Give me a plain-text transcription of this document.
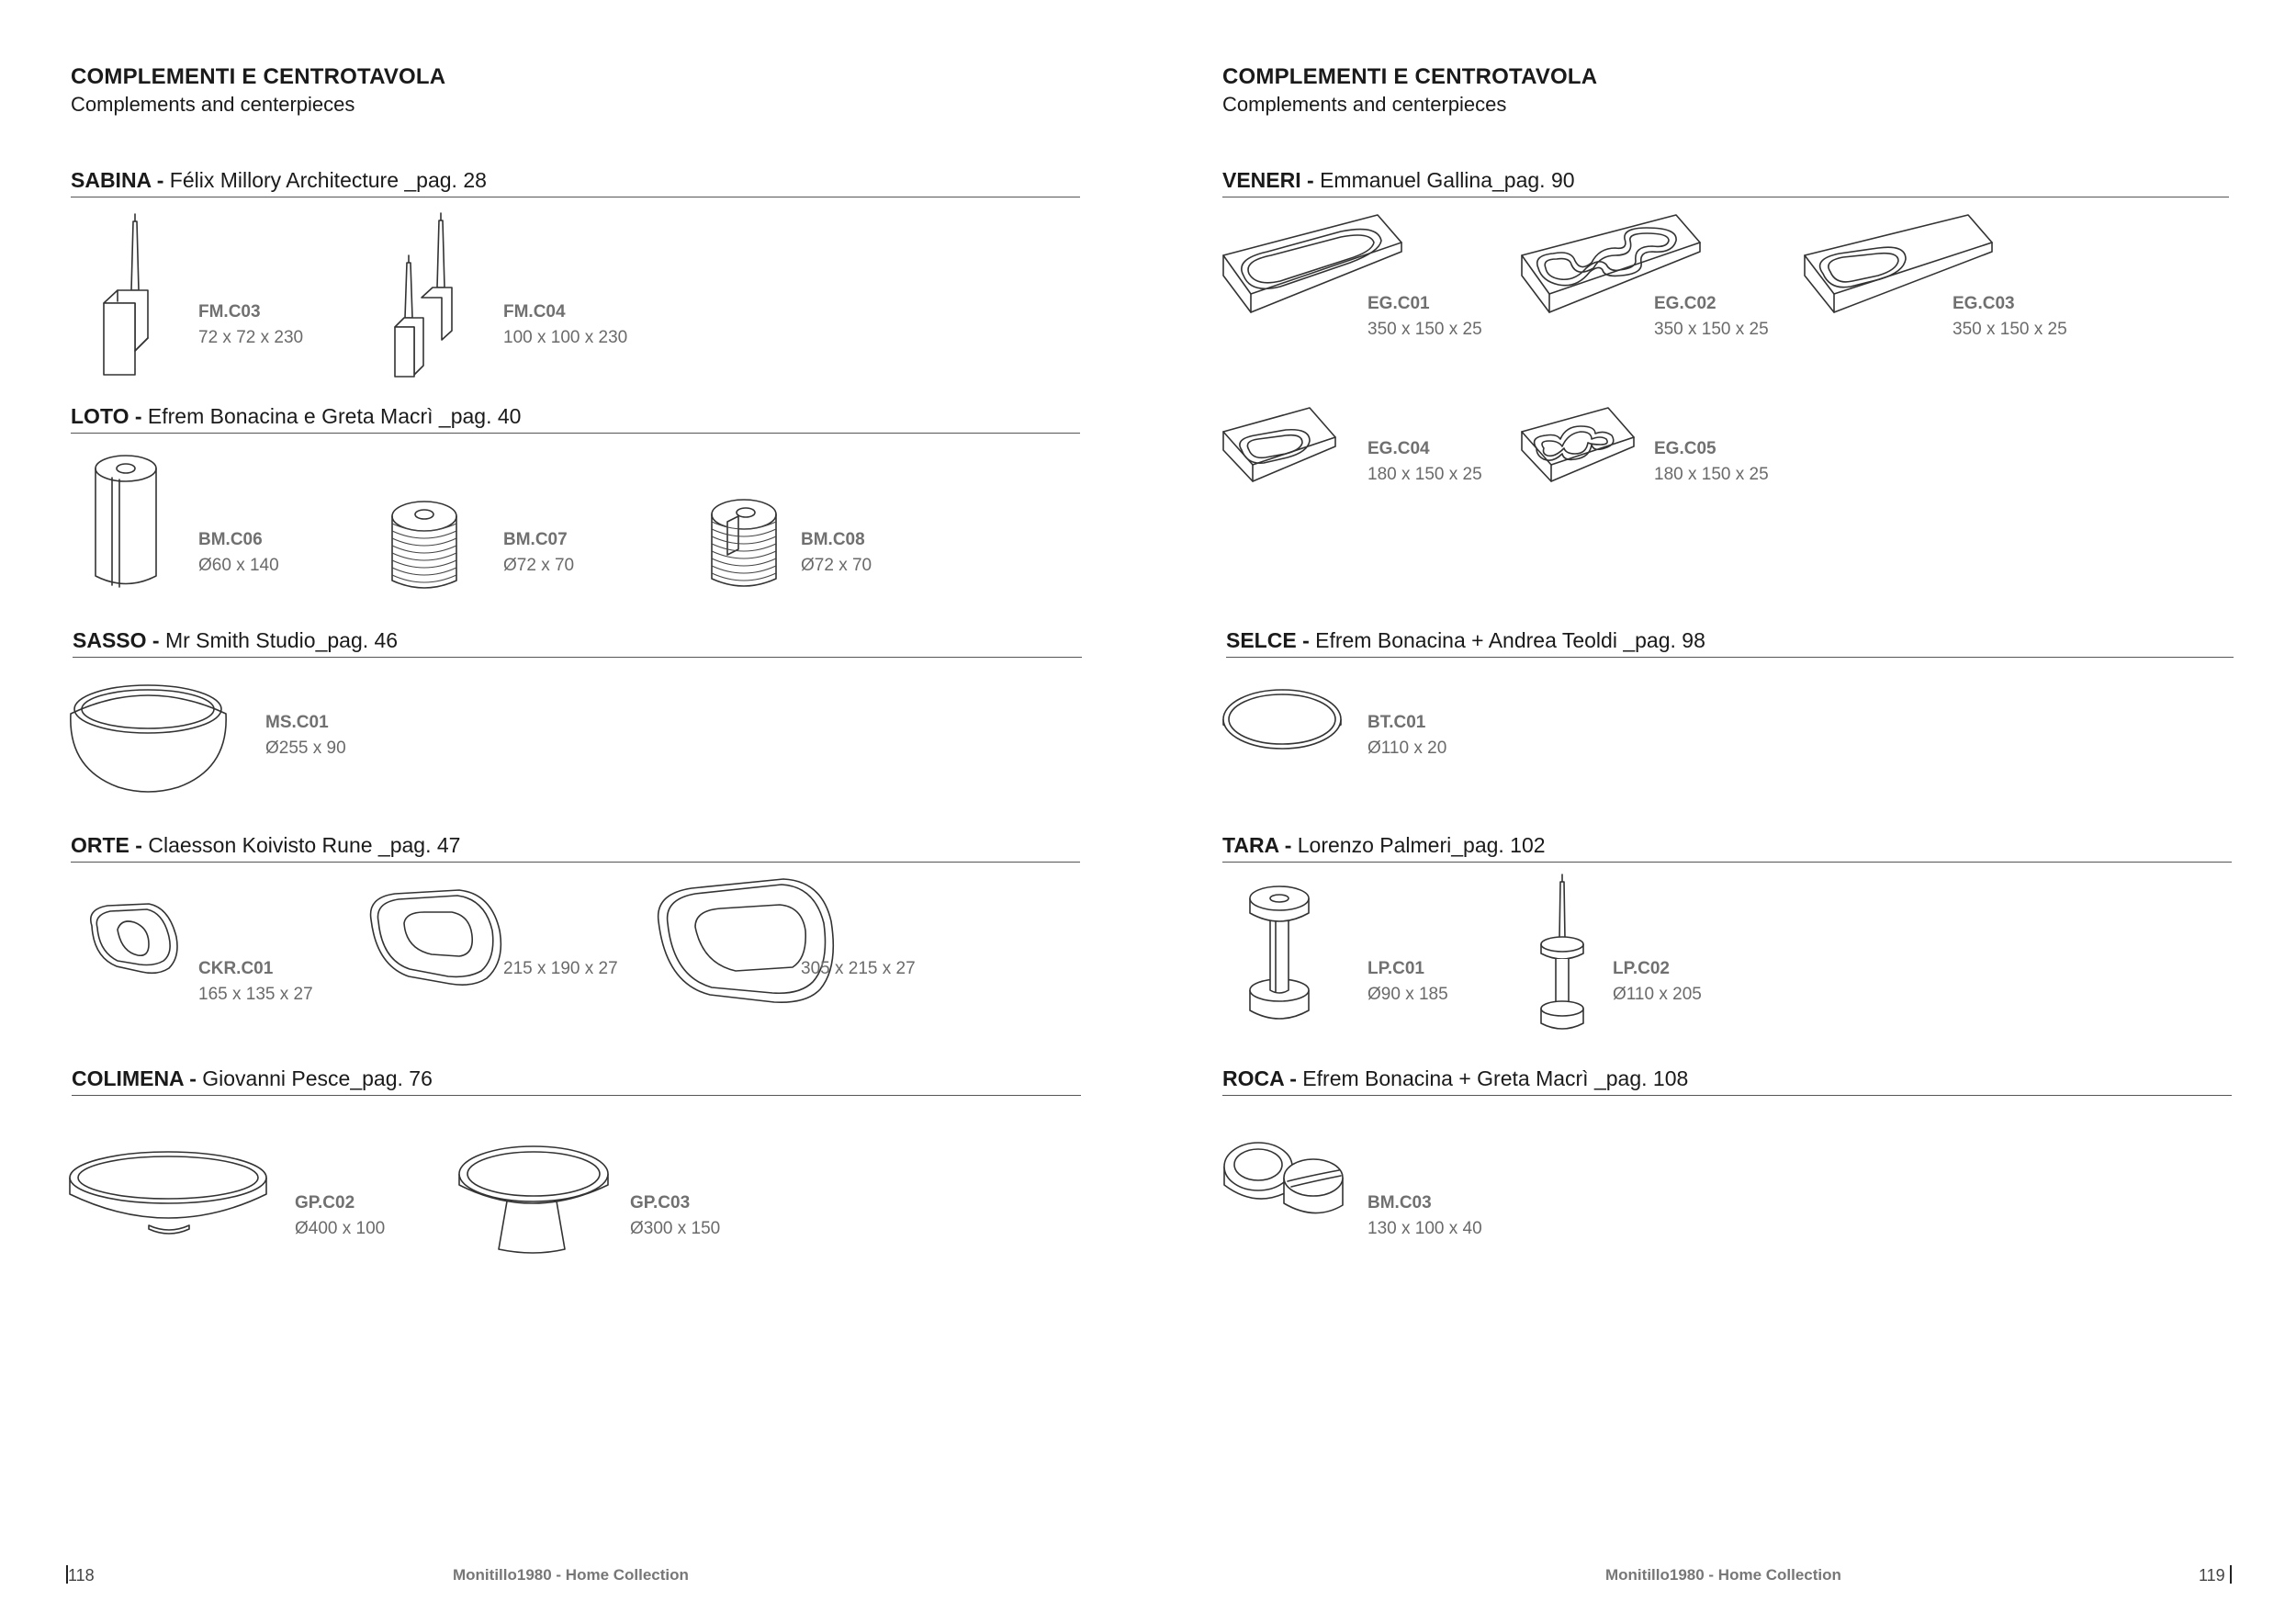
COMPLEMENTI E CENTROTAVOLA
Complements and centerpieces
SABINA - Félix Millory Architecture _pag. 28
FM.C03
72 x 72 x 230
FM.C04
100 x 100 x 230
LOTO - Efrem Bonacina e Greta Macrì _pag. 40
BM.C06
Ø60 x 140
BM.C07
Ø72 x 70
BM.C08
Ø72 x 70
SASSO - Mr Smith Studio_pag. 46
MS.C01
Ø255 x 90
ORTE - Claesson Koivisto Rune _pag. 47
CKR.C01
165 x 135 x 27
215 x 190 x 27	305 x 215 x 27
COLIMENA - Giovanni Pesce_pag. 76
GP.C02
Ø400 x 100
GP.C03
Ø300 x 150
118	Monitillo1980 - Home Collection
COMPLEMENTI E CENTROTAVOLA
Complements and centerpieces
VENERI - Emmanuel Gallina_pag. 90
EG.C01
350 x 150 x 25
EG.C02
350 x 150 x 25
EG.C03
350 x 150 x 25
EG.C04
180 x 150 x 25
EG.C05
180 x 150 x 25
SELCE - Efrem Bonacina + Andrea Teoldi _pag. 98
BT.C01
Ø110 x 20
TARA - Lorenzo Palmeri_pag. 102
LP.C01
Ø90 x 185
LP.C02
Ø110 x 205
ROCA - Efrem Bonacina + Greta Macrì _pag. 108
BM.C03
130 x 100 x 40
Monitillo1980 - Home Collection	119
